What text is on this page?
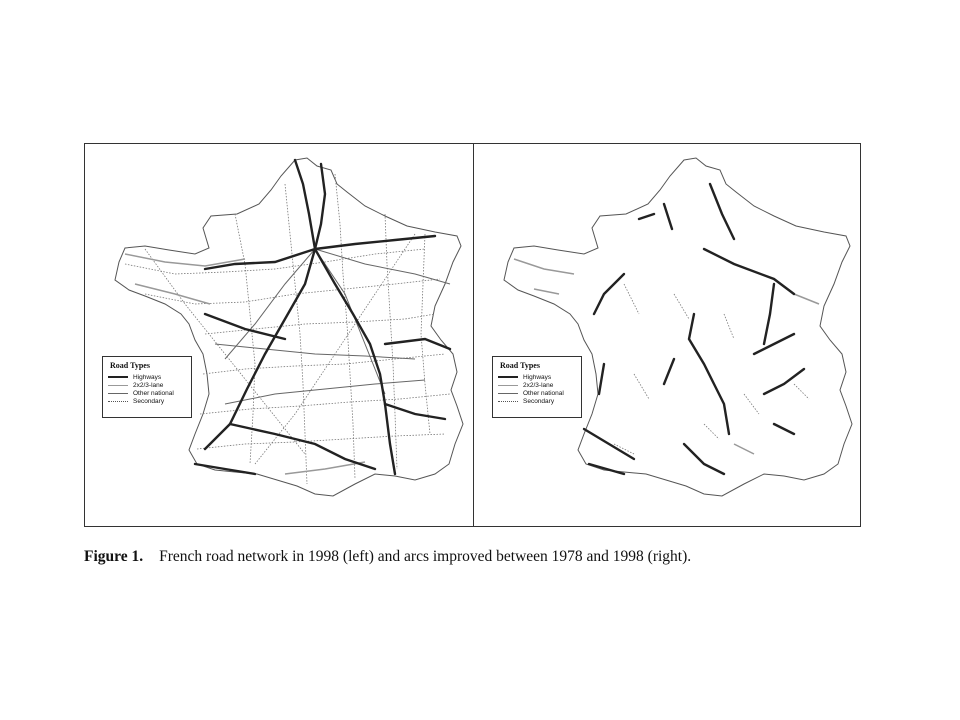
Road Types
Highways
2x2/3-lane
Other national
Secondary
Road Types
Highways
2x2/3-lane
Other national
Secondary
Figure 1. French road network in 1998 (left) and arcs improved between 1978 and 1998 (right).
